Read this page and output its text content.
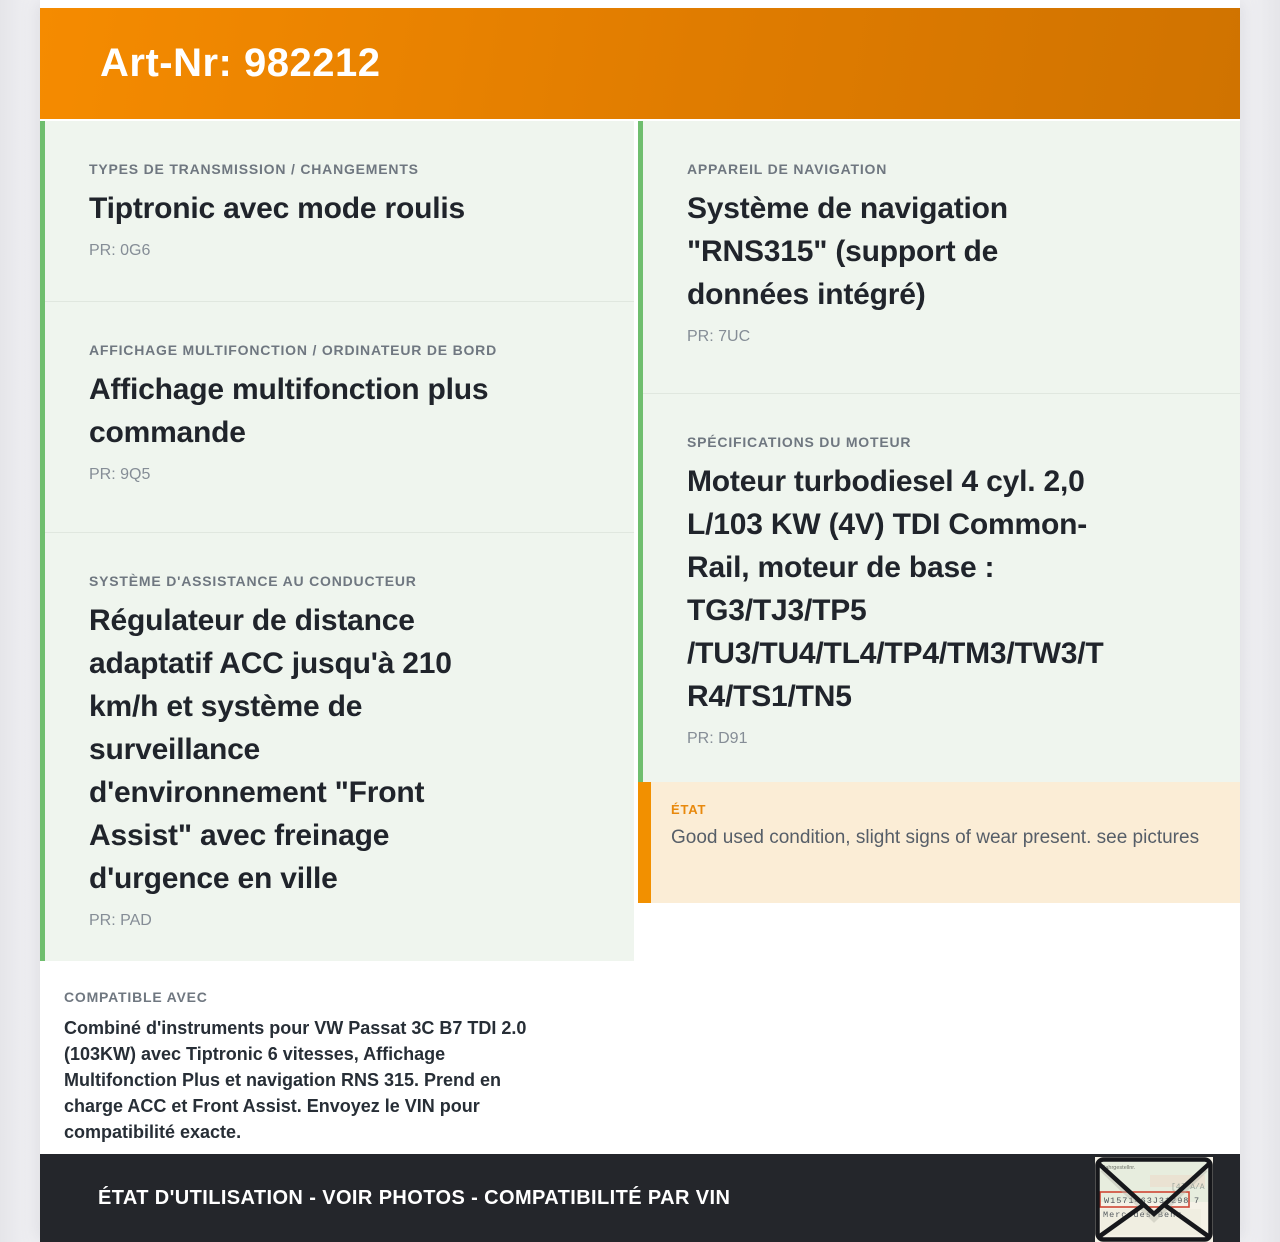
Art-Nr: 982212
TYPES DE TRANSMISSION / CHANGEMENTS
Tiptronic avec mode roulis
PR: 0G6
AFFICHAGE MULTIFONCTION / ORDINATEUR DE BORD
Affichage multifonction plus commande
PR: 9Q5
SYSTÈME D'ASSISTANCE AU CONDUCTEUR
Régulateur de distance adaptatif ACC jusqu'à 210 km/h et système de surveillance d'environnement "Front Assist" avec freinage d'urgence en ville
PR: PAD
COMPATIBLE AVEC
Combiné d'instruments pour VW Passat 3C B7 TDI 2.0 (103KW) avec Tiptronic 6 vitesses, Affichage Multifonction Plus et navigation RNS 315. Prend en charge ACC et Front Assist. Envoyez le VIN pour compatibilité exacte.
APPAREIL DE NAVIGATION
Système de navigation "RNS315" (support de données intégré)
PR: 7UC
SPÉCIFICATIONS DU MOTEUR
Moteur turbodiesel 4 cyl. 2,0 L/103 KW (4V) TDI Common-Rail, moteur de base : TG3/TJ3/TP5 /TU3/TU4/TL4/TP4/TM3/TW3/TR4/TS1/TN5
PR: D91
ÉTAT
Good used condition, slight signs of wear present. see pictures
ÉTAT D'UTILISATION - VOIR PHOTOS - COMPATIBILITÉ PAR VIN
Fahrgestellnr.
[4] A/A
W1571463J31298 7
Mercedes-Benz
